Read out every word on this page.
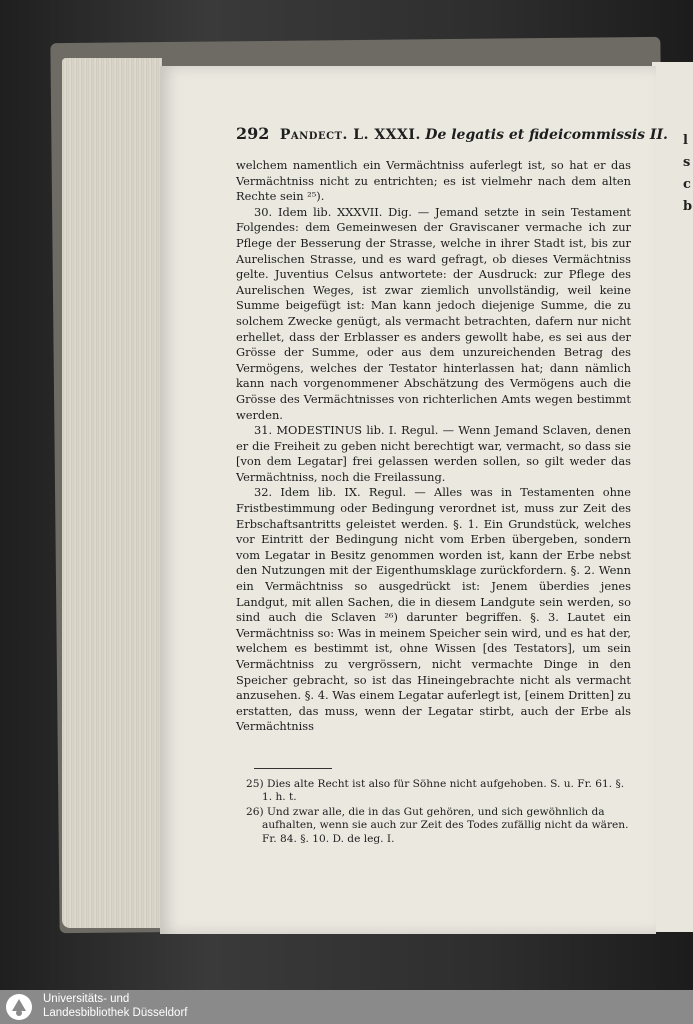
l
s
c
b
292 Pandect. L. XXXI. De legatis et fideicommissis II.

welchem namentlich ein Vermächtniss auferlegt ist, so hat er das Vermächtniss nicht zu entrichten; es ist vielmehr nach dem alten Rechte sein ²⁵).

30. Idem lib. XXXVII. Dig. — Jemand setzte in sein Testament Folgendes: dem Gemeinwesen der Graviscaner vermache ich zur Pflege der Besserung der Strasse, welche in ihrer Stadt ist, bis zur Aurelischen Strasse, und es ward gefragt, ob dieses Vermächtniss gelte. Juventius Celsus antwortete: der Ausdruck: zur Pflege des Aurelischen Weges, ist zwar ziemlich unvollständig, weil keine Summe beigefügt ist: Man kann jedoch diejenige Summe, die zu solchem Zwecke genügt, als vermacht betrachten, dafern nur nicht erhellet, dass der Erblasser es anders gewollt habe, es sei aus der Grösse der Summe, oder aus dem unzureichenden Betrag des Vermögens, welches der Testator hinterlassen hat; dann nämlich kann nach vorgenommener Abschätzung des Vermögens auch die Grösse des Vermächtnisses von richterlichen Amts wegen bestimmt werden.

31. MODESTINUS lib. I. Regul. — Wenn Jemand Sclaven, denen er die Freiheit zu geben nicht berechtigt war, vermacht, so dass sie [von dem Legatar] frei gelassen werden sollen, so gilt weder das Vermächtniss, noch die Freilassung.

32. Idem lib. IX. Regul. — Alles was in Testamenten ohne Fristbestimmung oder Bedingung verordnet ist, muss zur Zeit des Erbschaftsantritts geleistet werden. §. 1. Ein Grundstück, welches vor Eintritt der Bedingung nicht vom Erben übergeben, sondern vom Legatar in Besitz genommen worden ist, kann der Erbe nebst den Nutzungen mit der Eigenthumsklage zurückfordern. §. 2. Wenn ein Vermächtniss so ausgedrückt ist: Jenem überdies jenes Landgut, mit allen Sachen, die in diesem Landgute sein werden, so sind auch die Sclaven ²⁶) darunter begriffen. §. 3. Lautet ein Vermächtniss so: Was in meinem Speicher sein wird, und es hat der, welchem es bestimmt ist, ohne Wissen [des Testators], um sein Vermächtniss zu vergrössern, nicht vermachte Dinge in den Speicher gebracht, so ist das Hineingebrachte nicht als vermacht anzusehen. §. 4. Was einem Legatar auferlegt ist, [einem Dritten] zu erstatten, das muss, wenn der Legatar stirbt, auch der Erbe als Vermächtniss

25) Dies alte Recht ist also für Söhne nicht aufgehoben. S. u. Fr. 61. §. 1. h. t.

26) Und zwar alle, die in das Gut gehören, und sich gewöhnlich da aufhalten, wenn sie auch zur Zeit des Todes zufällig nicht da wären. Fr. 84. §. 10. D. de leg. I.

Universitäts- und
Landesbibliothek Düsseldorf
